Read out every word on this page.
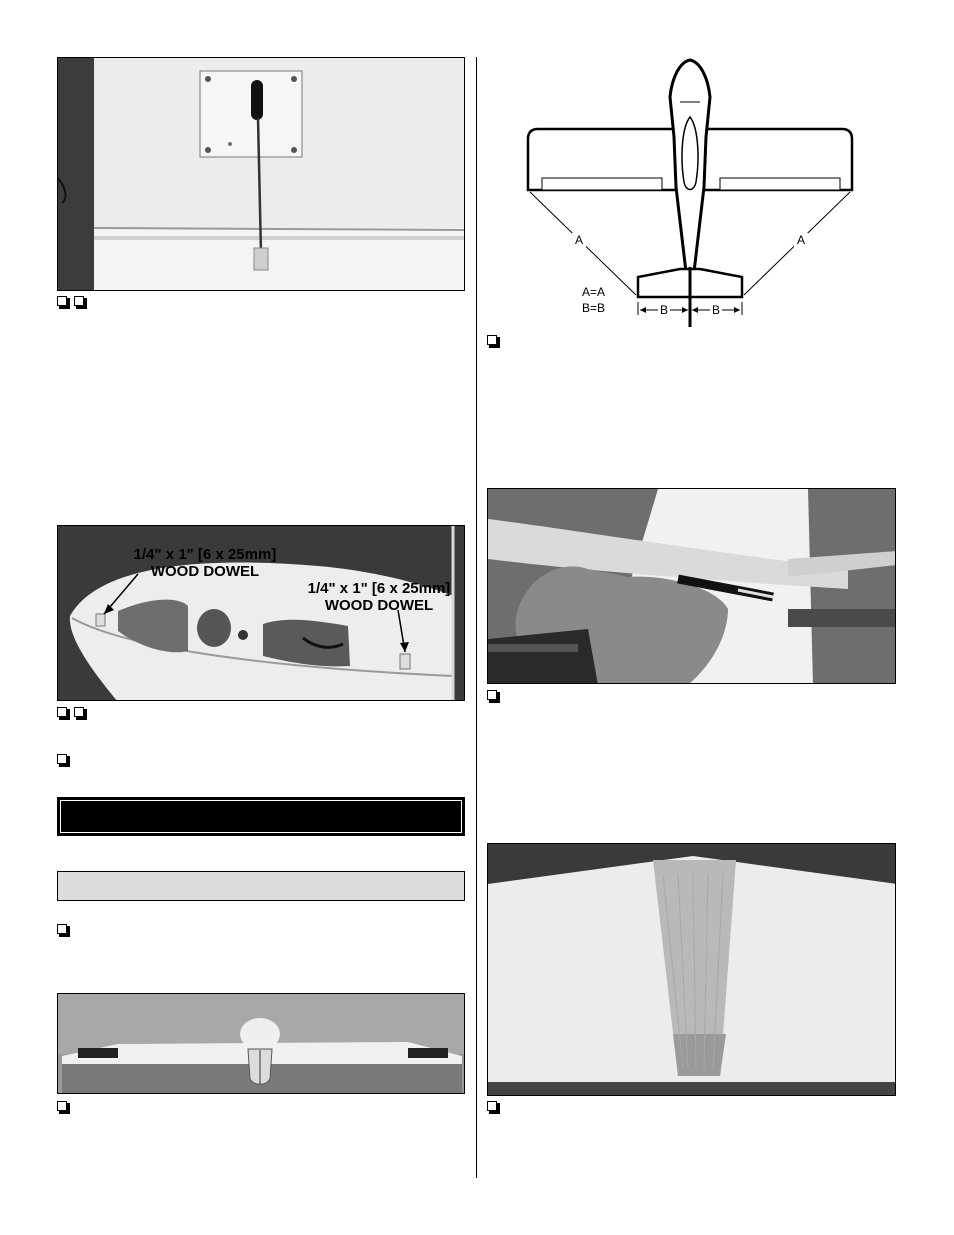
1/4" x 1" [6 x 25mm]
WOOD DOWEL
1/4" x 1" [6 x 25mm]
WOOD DOWEL
A	A
A=A
B=B	B	B
